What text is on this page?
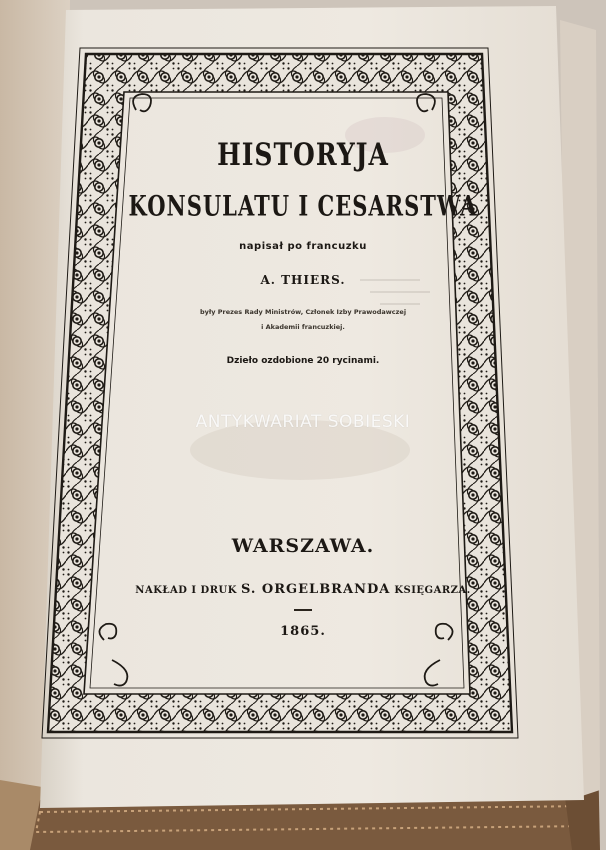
HISTORYJA
KONSULATU I CESARSTWA
napisał po francuzku
A. THIERS.
były Prezes Rady Ministrów, Członek Izby Prawodawczej
i Akademii francuzkiej.
Dzieło ozdobione 20 rycinami.
ANTYKWARIAT SOBIESKI
WARSZAWA.
NAKŁAD I DRUK S. ORGELBRANDA KSIĘGARZA.
1865.
